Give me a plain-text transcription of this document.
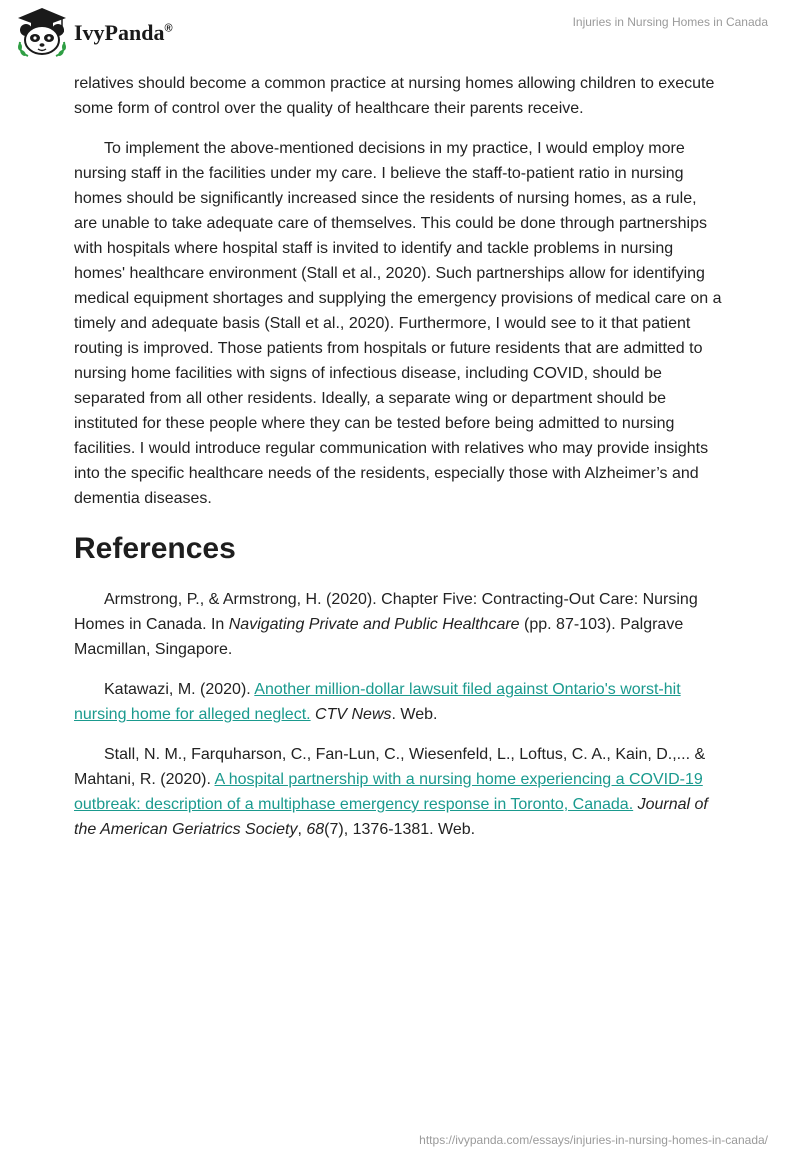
IvyPanda®	Injuries in Nursing Homes in Canada

relatives should become a common practice at nursing homes allowing children to execute some form of control over the quality of healthcare their parents receive.

To implement the above-mentioned decisions in my practice, I would employ more nursing staff in the facilities under my care. I believe the staff-to-patient ratio in nursing homes should be significantly increased since the residents of nursing homes, as a rule, are unable to take adequate care of themselves. This could be done through partnerships with hospitals where hospital staff is invited to identify and tackle problems in nursing homes' healthcare environment (Stall et al., 2020). Such partnerships allow for identifying medical equipment shortages and supplying the emergency provisions of medical care on a timely and adequate basis (Stall et al., 2020). Furthermore, I would see to it that patient routing is improved. Those patients from hospitals or future residents that are admitted to nursing home facilities with signs of infectious disease, including COVID, should be separated from all other residents. Ideally, a separate wing or department should be instituted for these people where they can be tested before being admitted to nursing facilities. I would introduce regular communication with relatives who may provide insights into the specific healthcare needs of the residents, especially those with Alzheimer’s and dementia diseases.

References

Armstrong, P., & Armstrong, H. (2020). Chapter Five: Contracting-Out Care: Nursing Homes in Canada. In Navigating Private and Public Healthcare (pp. 87-103). Palgrave Macmillan, Singapore.

Katawazi, M. (2020). Another million-dollar lawsuit filed against Ontario's worst-hit nursing home for alleged neglect. CTV News. Web.

Stall, N. M., Farquharson, C., Fan-Lun, C., Wiesenfeld, L., Loftus, C. A., Kain, D.,... & Mahtani, R. (2020). A hospital partnership with a nursing home experiencing a COVID-19 outbreak: description of a multiphase emergency response in Toronto, Canada. Journal of the American Geriatrics Society, 68(7), 1376-1381. Web.

https://ivypanda.com/essays/injuries-in-nursing-homes-in-canada/
